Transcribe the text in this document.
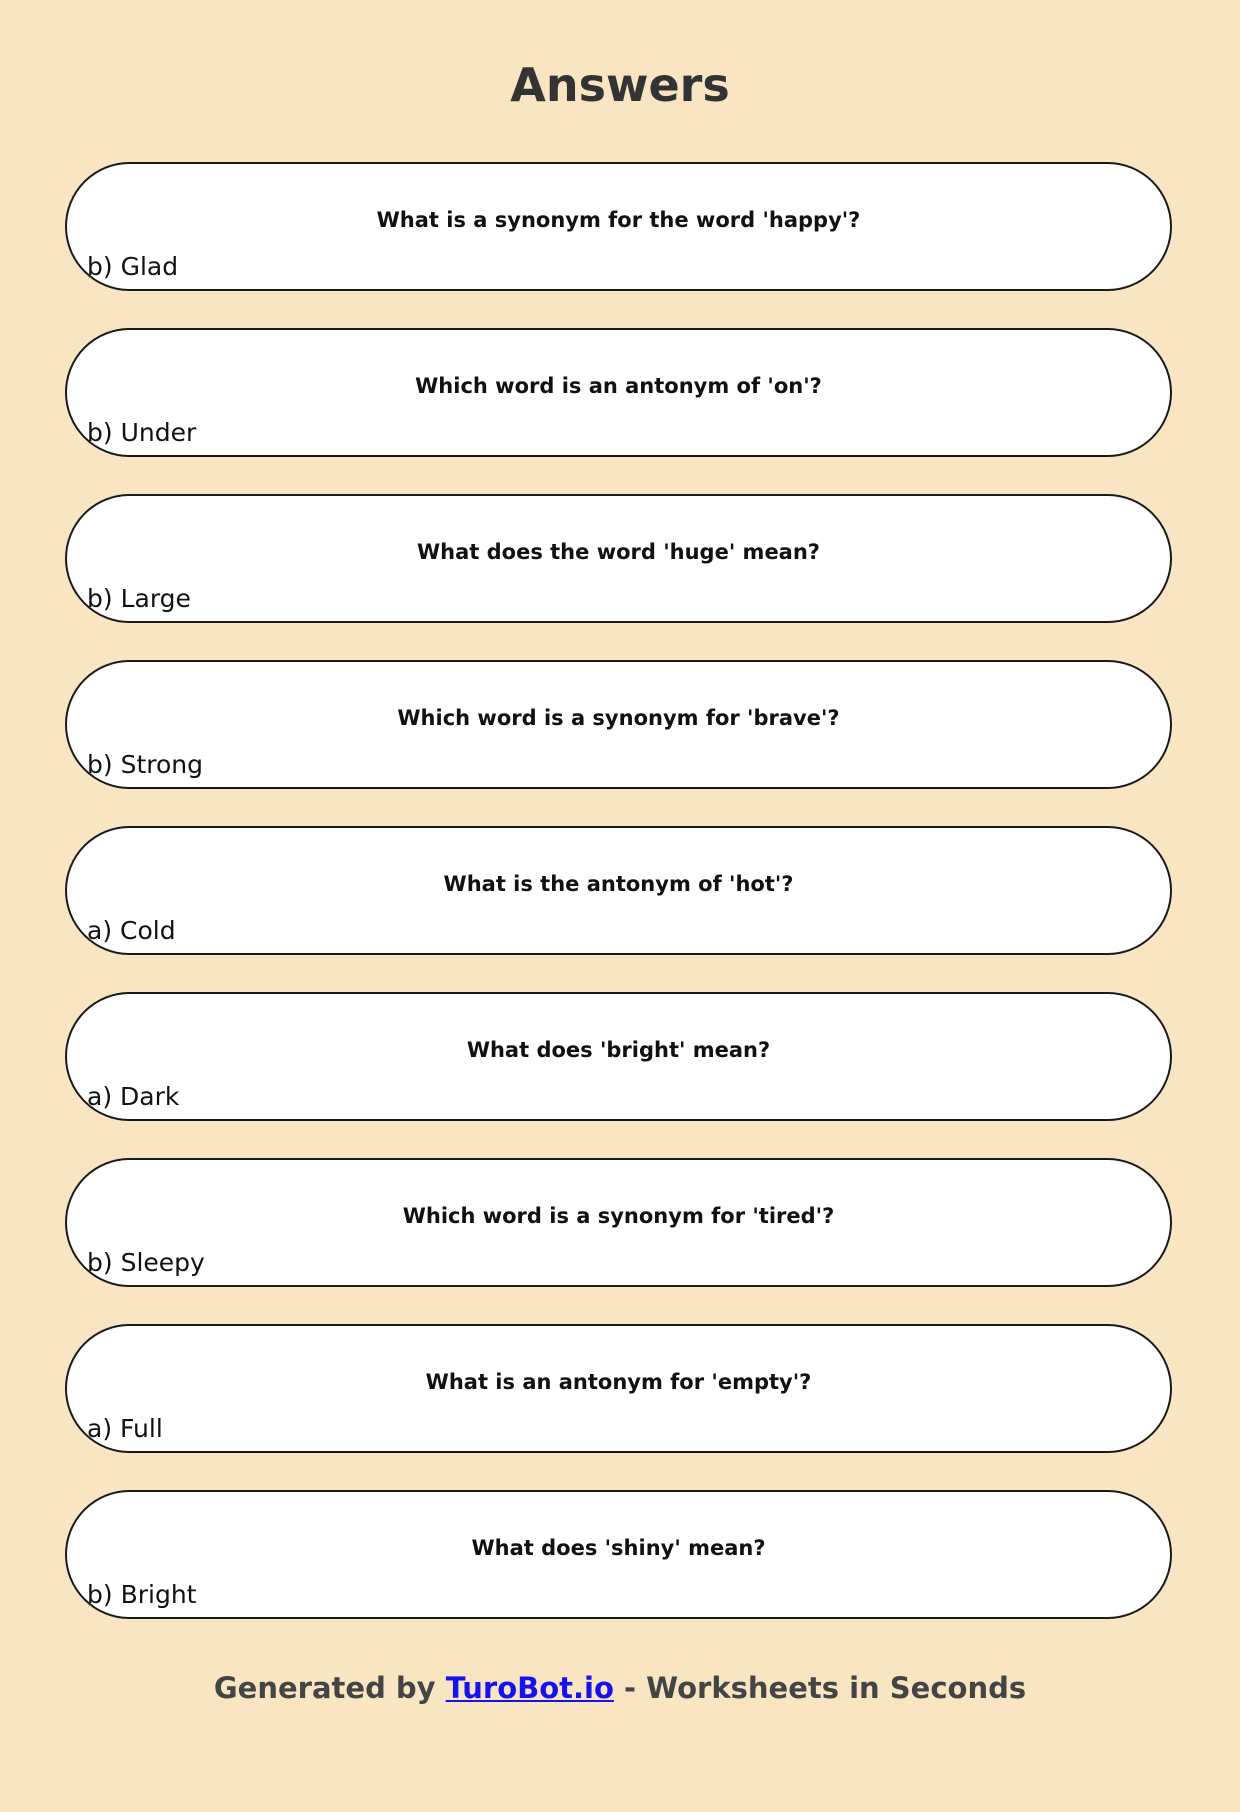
Answers
What is a synonym for the word 'happy'?
b) Glad
Which word is an antonym of 'on'?
b) Under
What does the word 'huge' mean?
b) Large
Which word is a synonym for 'brave'?
b) Strong
What is the antonym of 'hot'?
a) Cold
What does 'bright' mean?
a) Dark
Which word is a synonym for 'tired'?
b) Sleepy
What is an antonym for 'empty'?
a) Full
What does 'shiny' mean?
b) Bright
Generated by TuroBot.io - Worksheets in Seconds
